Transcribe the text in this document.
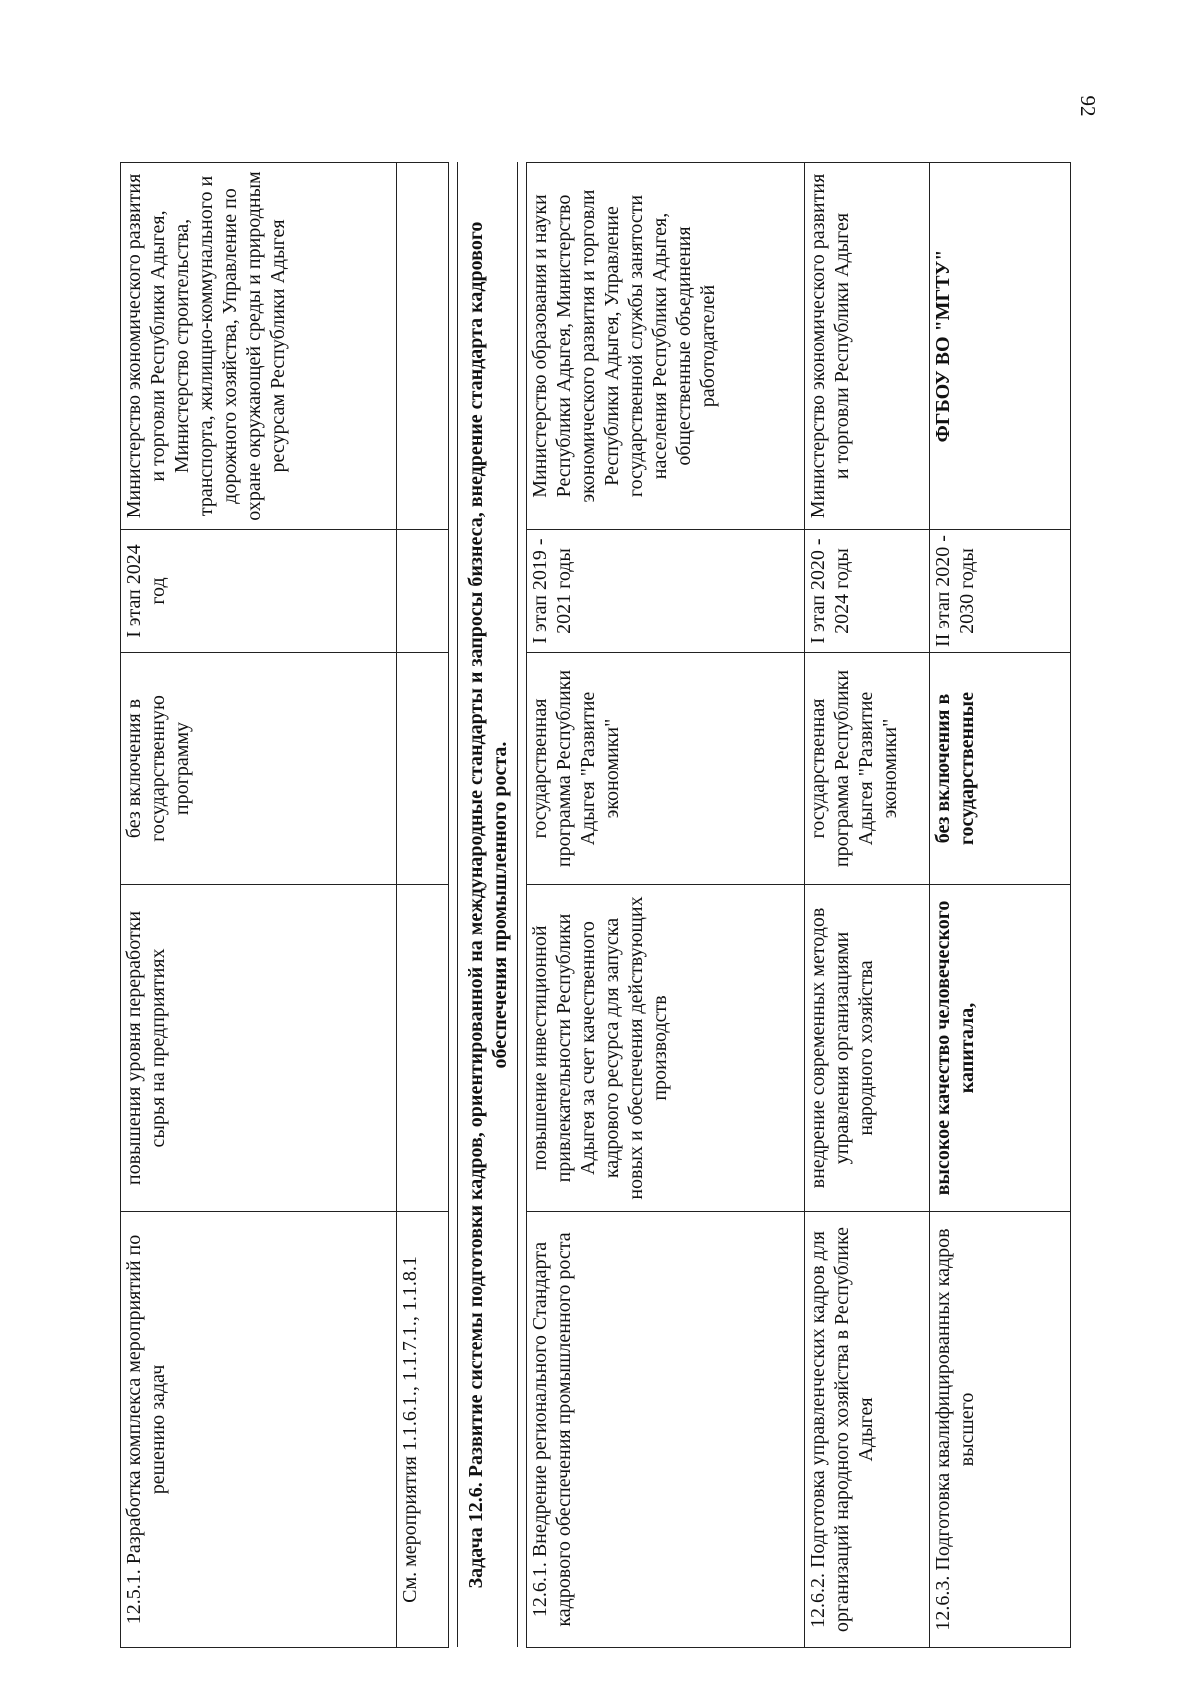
92
12.5.1. Разработка комплекса мероприятий по решению задач	повышения уровня переработки сырья на предприятиях	без включения в государственную программу	I этап 2024 год	Министерство экономического развития и торговли Республики Адыгея, Министерство строительства, транспорта, жилищно-коммунального и дорожного хозяйства, Управление по охране окружающей среды и природным ресурсам Республики Адыгея
См. мероприятия 1.1.6.1., 1.1.7.1., 1.1.8.1				

Задача 12.6. Развитие системы подготовки кадров, ориентированной на международные стандарты и запросы бизнеса, внедрение стандарта кадрового обеспечения промышленного роста.				

12.6.1. Внедрение регионального Стандарта кадрового обеспечения промышленного роста	повышение инвестиционной привлекательности Республики Адыгея за счет качественного кадрового ресурса для запуска новых и обеспечения действующих производств	государственная программа Республики Адыгея "Развитие экономики"	I этап 2019 - 2021 годы	Министерство образования и науки Республики Адыгея, Министерство экономического развития и торговли Республики Адыгея, Управление государственной службы занятости населения Республики Адыгея, общественные объединения работодателей
12.6.2. Подготовка управленческих кадров для организаций народного хозяйства в Республике Адыгея	внедрение современных методов управления организациями народного хозяйства	государственная программа Республики Адыгея "Развитие экономики"	I этап 2020 - 2024 годы	Министерство экономического развития и торговли Республики Адыгея
12.6.3. Подготовка квалифицированных кадров высшего	высокое качество человеческого капитала,	без включения в государственные	II этап 2020 - 2030 годы	ФГБОУ ВО "МГТУ"
